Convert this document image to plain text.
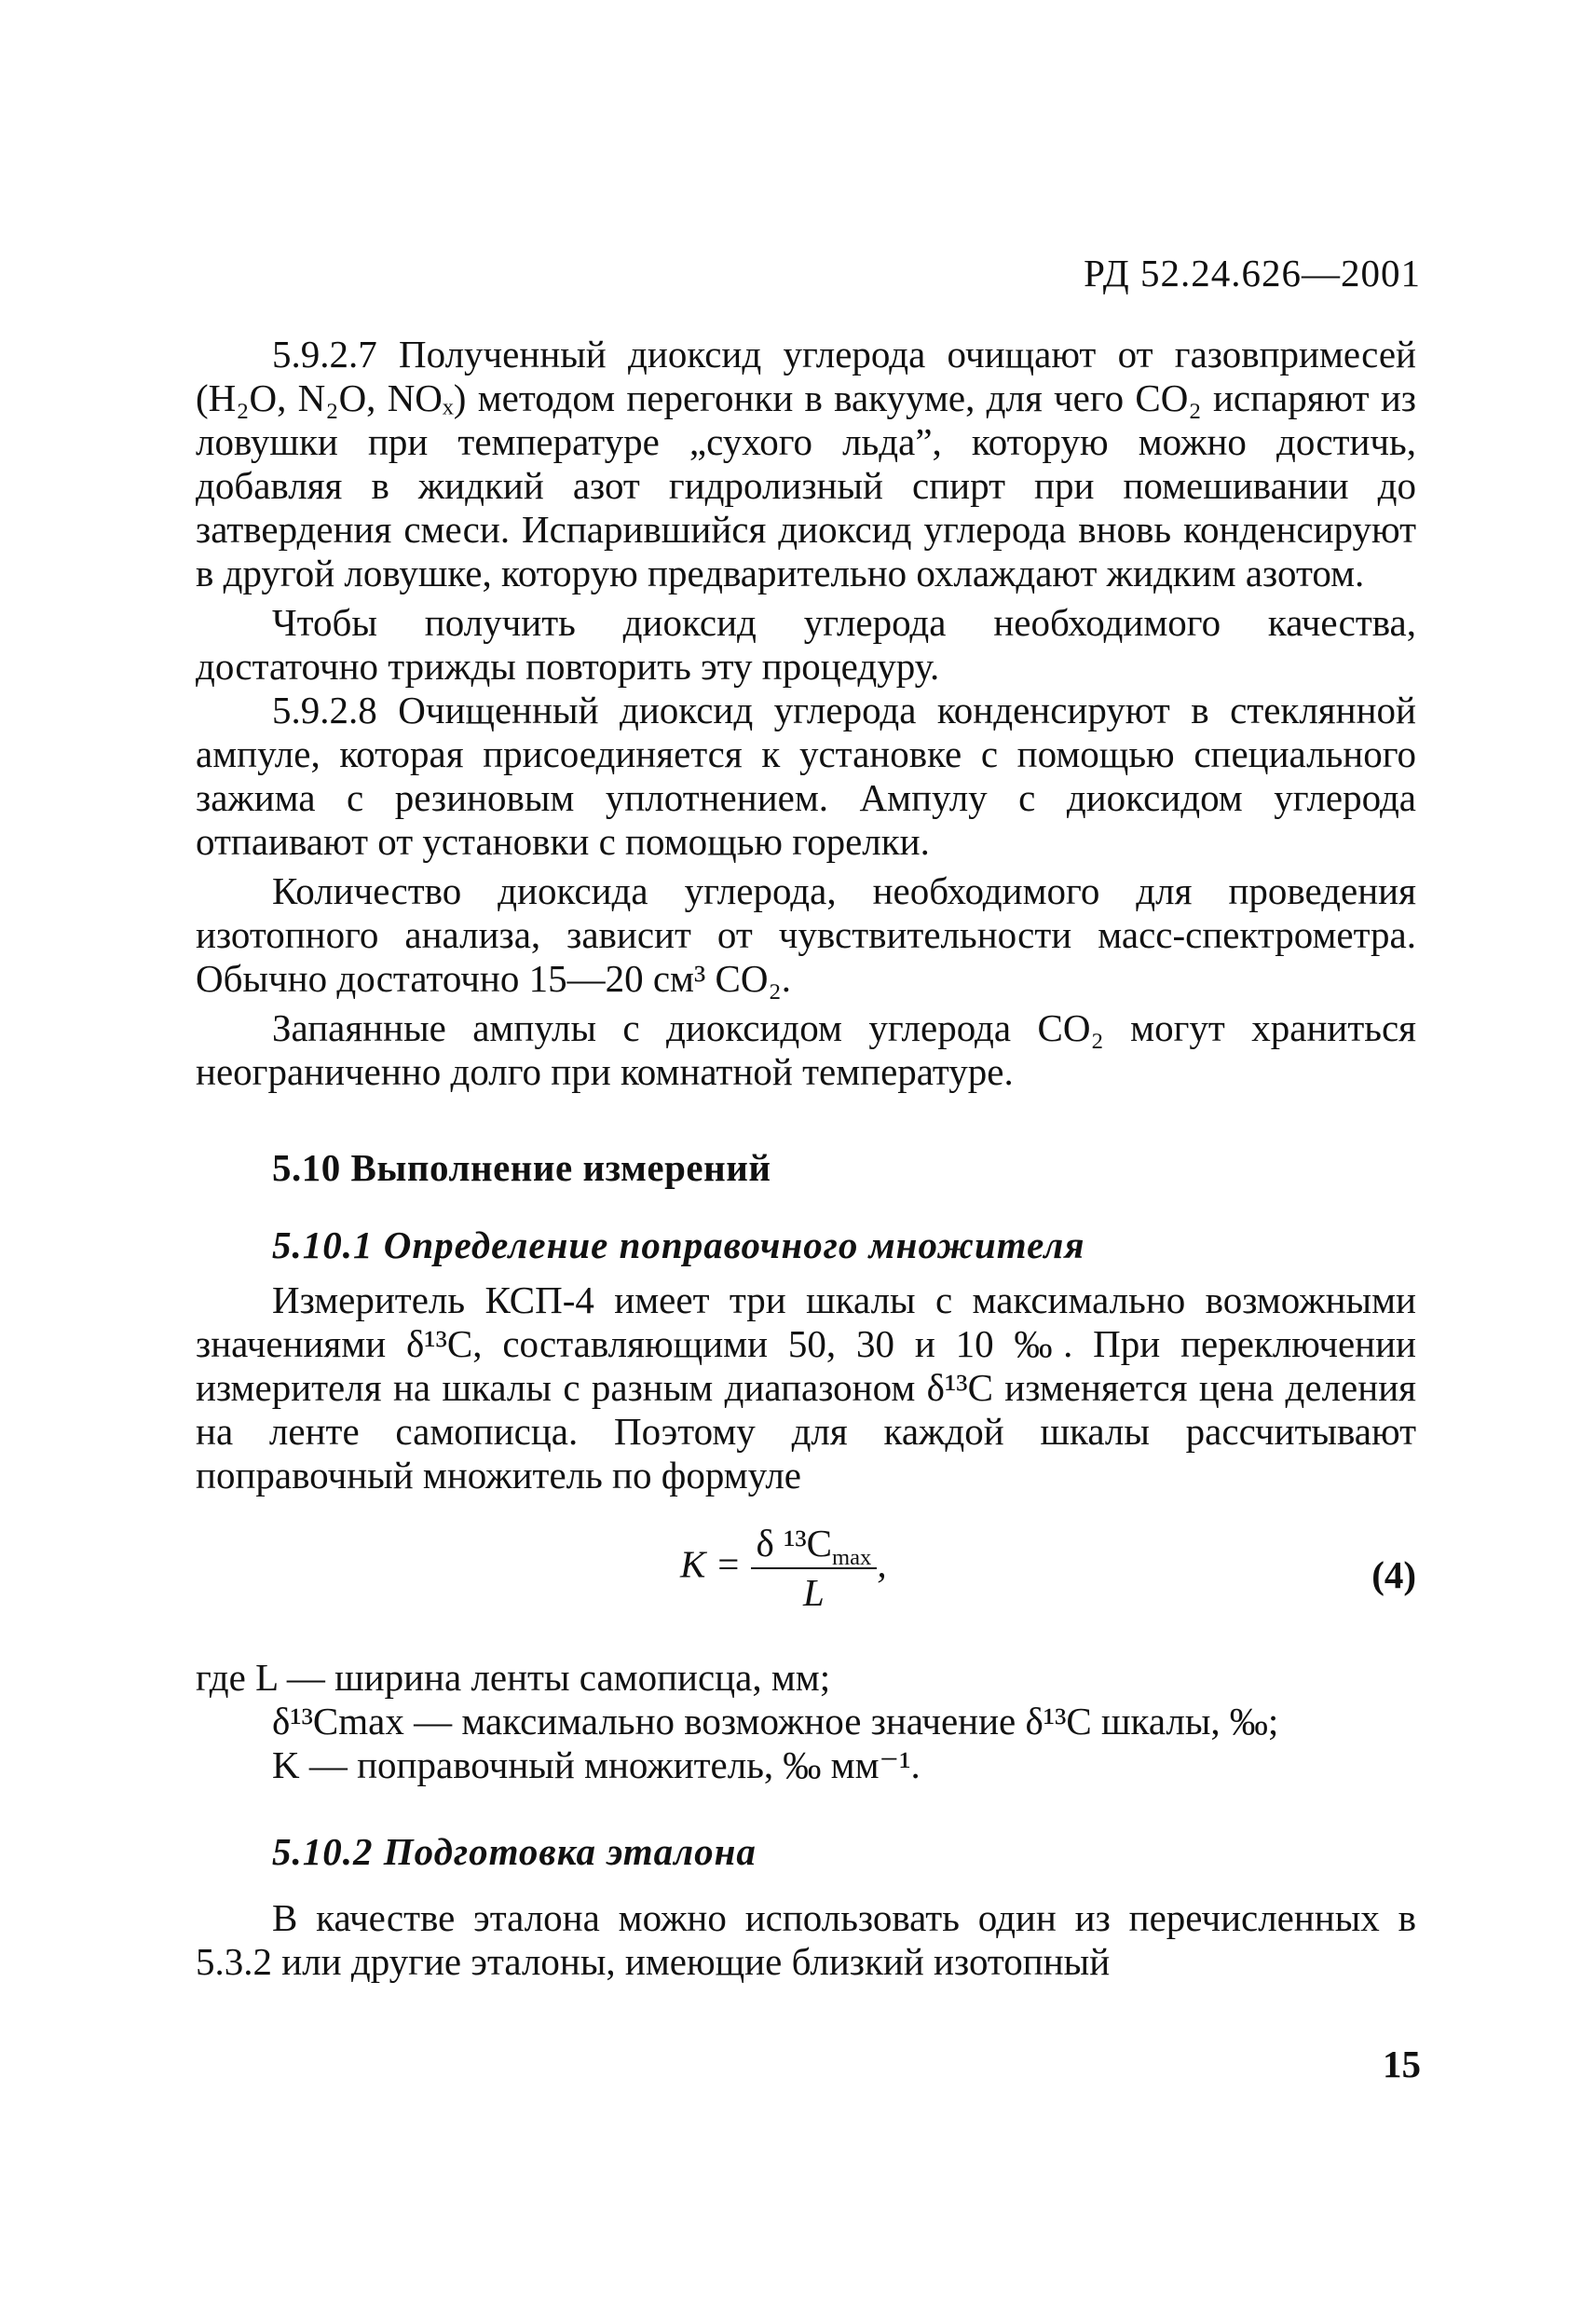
РД 52.24.626—2001

5.9.2.7 Полученный диоксид углерода очищают от газовпримесей (H₂O, N₂O, NOₓ) методом перегонки в вакууме, для чего CO₂ испаряют из ловушки при температуре „сухого льда”, которую можно достичь, добавляя в жидкий азот гидролизный спирт при помешивании до затвердения смеси. Испарившийся диоксид углерода вновь конденсируют в другой ловушке, которую предварительно охлаждают жидким азотом.

Чтобы получить диоксид углерода необходимого качества, достаточно трижды повторить эту процедуру.

5.9.2.8 Очищенный диоксид углерода конденсируют в стеклянной ампуле, которая присоединяется к установке с помощью специального зажима с резиновым уплотнением. Ампулу с диоксидом углерода отпаивают от установки с помощью горелки.

Количество диоксида углерода, необходимого для проведения изотопного анализа, зависит от чувствительности масс-спектрометра. Обычно достаточно 15—20 см³ CO₂.

Запаянные ампулы с диоксидом углерода CO₂ могут храниться неограниченно долго при комнатной температуре.

5.10 Выполнение измерений
5.10.1 Определение поправочного множителя

Измеритель КСП-4 имеет три шкалы с максимально возможными значениями δ¹³C, составляющими 50, 30 и 10 ‰. При переключении измерителя на шкалы с разным диапазоном δ¹³C изменяется цена деления на ленте самописца. Поэтому для каждой шкалы рассчитывают поправочный множитель по формуле

$K = \frac{\delta ^{13}C_{max}}{L}$ ,	(4)

где L — ширина ленты самописца, мм;

δ¹³Cmax — максимально возможное значение δ¹³C шкалы, ‰;

K — поправочный множитель, ‰ мм⁻¹.

5.10.2 Подготовка эталона

В качестве эталона можно использовать один из перечисленных в 5.3.2 или другие эталоны, имеющие близкий изотопный

15
